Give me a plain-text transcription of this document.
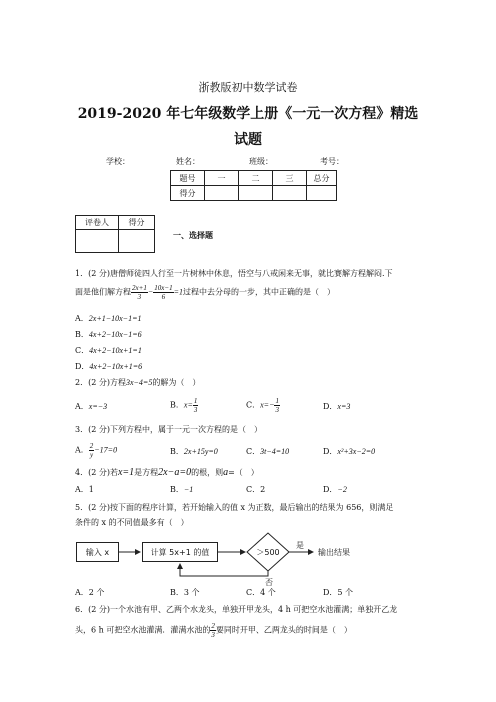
浙教版初中数学试卷
2019-2020 年七年级数学上册《一元一次方程》精选
试题
学校：	姓名：	班级：	考号：
题号	一	二	三	总分
得分				
评卷人	得分

一、选择题
1．(2 分)唐僧师徒四人行至一片树林中休息，悟空与八戒闲来无事，就比赛解方程解闷.下
面是他们解方程 $\frac{2x+1}{3} - \frac{10x-1}{6} =1$过程中去分母的一步，其中正确的是（　）
A．2x+1−10x−1=1
B．4x+2−10x−1=6
C．4x+2−10x+1=1
D．4x+2−10x+1=6
2．(2 分)方程3x−4=5的解为（　）
A．x=−3	B．$x= \frac{1}{3}$	C．$x=- \frac{1}{3}$	D．x=3
3．(2 分)下列方程中，属于一元一次方程的是（　）
A． $\frac{2}{y} -17=0$	B．2x+15y=0	C．3t−4=10	D．x²+3x−2=0
4．(2 分)若x=1是方程2x−a=0的根，则a=（　）
A．1	B．−1	C．2	D．−2
5．(2 分)按下面的程序计算，若开始输入的值 x 为正数，最后输出的结果为 656，则满足
条件的 x 的不同值最多有（　）
输入 x	计算 5x+1 的值	＞500
是
否
输出结果
A．2 个	B．3 个	C．4 个	D．5 个
6．(2 分)一个水池有甲、乙两个水龙头，单独开甲龙头，4 h 可把空水池灌满；单独开乙龙
头，6 h 可把空水池灌满．灌满水池的 $\frac{2}{3}$ 要同时开甲、乙两龙头的时间是（　）
